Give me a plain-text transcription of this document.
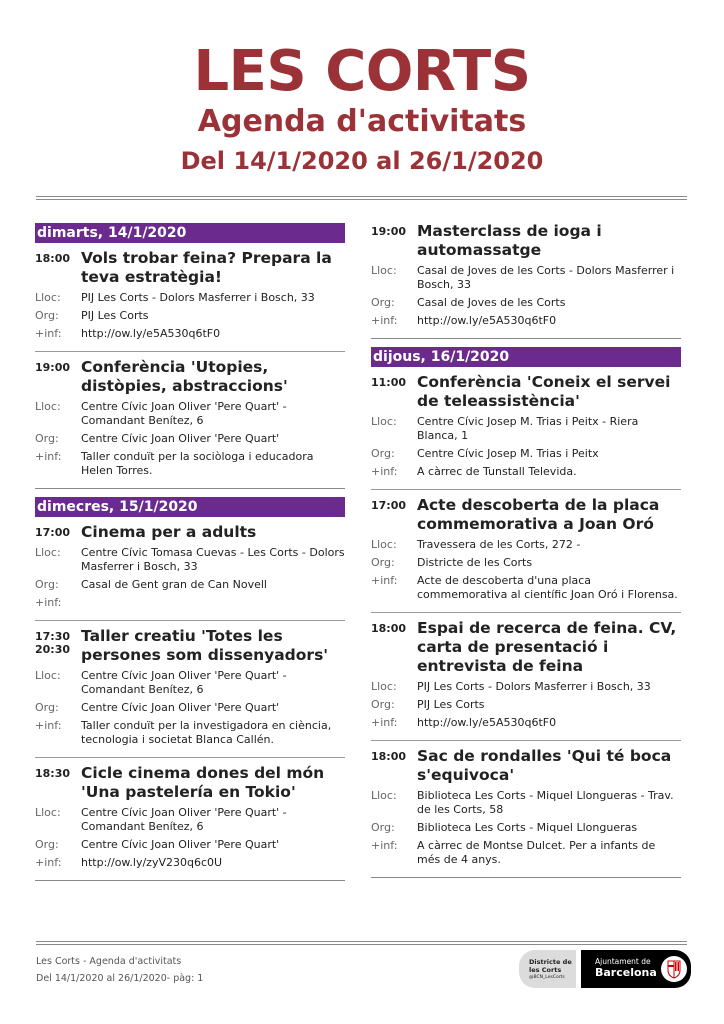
LES CORTS
Agenda d'activitats
Del 14/1/2020 al 26/1/2020
dimarts, 14/1/2020
18:00 Vols trobar feina? Prepara la teva estratègia!
Lloc:	PIJ Les Corts - Dolors Masferrer i Bosch, 33
Org:	PIJ Les Corts
+inf:	http://ow.ly/e5A530q6tF0
19:00 Conferència 'Utopies, distòpies, abstraccions'
Lloc:	Centre Cívic Joan Oliver 'Pere Quart' - Comandant Benítez, 6
Org:	Centre Cívic Joan Oliver 'Pere Quart'
+inf:	Taller conduït per la sociòloga i educadora Helen Torres.
dimecres, 15/1/2020
17:00 Cinema per a adults
Lloc:	Centre Cívic Tomasa Cuevas - Les Corts - Dolors Masferrer i Bosch, 33
Org:	Casal de Gent gran de Can Novell
+inf:
17:30
20:30
Taller creatiu 'Totes les persones som dissenyadors'
Lloc:	Centre Cívic Joan Oliver 'Pere Quart' - Comandant Benítez, 6
Org:	Centre Cívic Joan Oliver 'Pere Quart'
+inf:	Taller conduït per la investigadora en ciència, tecnologia i societat Blanca Callén.
18:30 Cicle cinema dones del món 'Una pastelería en Tokio'
Lloc:	Centre Cívic Joan Oliver 'Pere Quart' - Comandant Benítez, 6
Org:	Centre Cívic Joan Oliver 'Pere Quart'
+inf:	http://ow.ly/zyV230q6c0U
19:00 Masterclass de ioga i automassatge
Lloc:	Casal de Joves de les Corts - Dolors Masferrer i Bosch, 33
Org:	Casal de Joves de les Corts
+inf:	http://ow.ly/e5A530q6tF0
dijous, 16/1/2020
11:00 Conferència 'Coneix el servei de teleassistència'
Lloc:	Centre Cívic Josep M. Trias i Peitx - Riera Blanca, 1
Org:	Centre Cívic Josep M. Trias i Peitx
+inf:	A càrrec de Tunstall Televida.
17:00 Acte descoberta de la placa commemorativa a Joan Oró
Lloc:	Travessera de les Corts, 272 -
Org:	Districte de les Corts
+inf:	Acte de descoberta d'una placa commemorativa al científic Joan Oró i Florensa.
18:00 Espai de recerca de feina. CV, carta de presentació i entrevista de feina
Lloc:	PIJ Les Corts - Dolors Masferrer i Bosch, 33
Org:	PIJ Les Corts
+inf:	http://ow.ly/e5A530q6tF0
18:00 Sac de rondalles 'Qui té boca s'equivoca'
Lloc:	Biblioteca Les Corts - Miquel Llongueras - Trav. de les Corts, 58
Org:	Biblioteca Les Corts - Miquel Llongueras
+inf:	A càrrec de Montse Dulcet. Per a infants de més de 4 anys.
Les Corts - Agenda d'activitats
Del 14/1/2020 al 26/1/2020- pàg: 1
Districte de
les Corts
@BCN_LesCorts
Ajuntament de
Barcelona
